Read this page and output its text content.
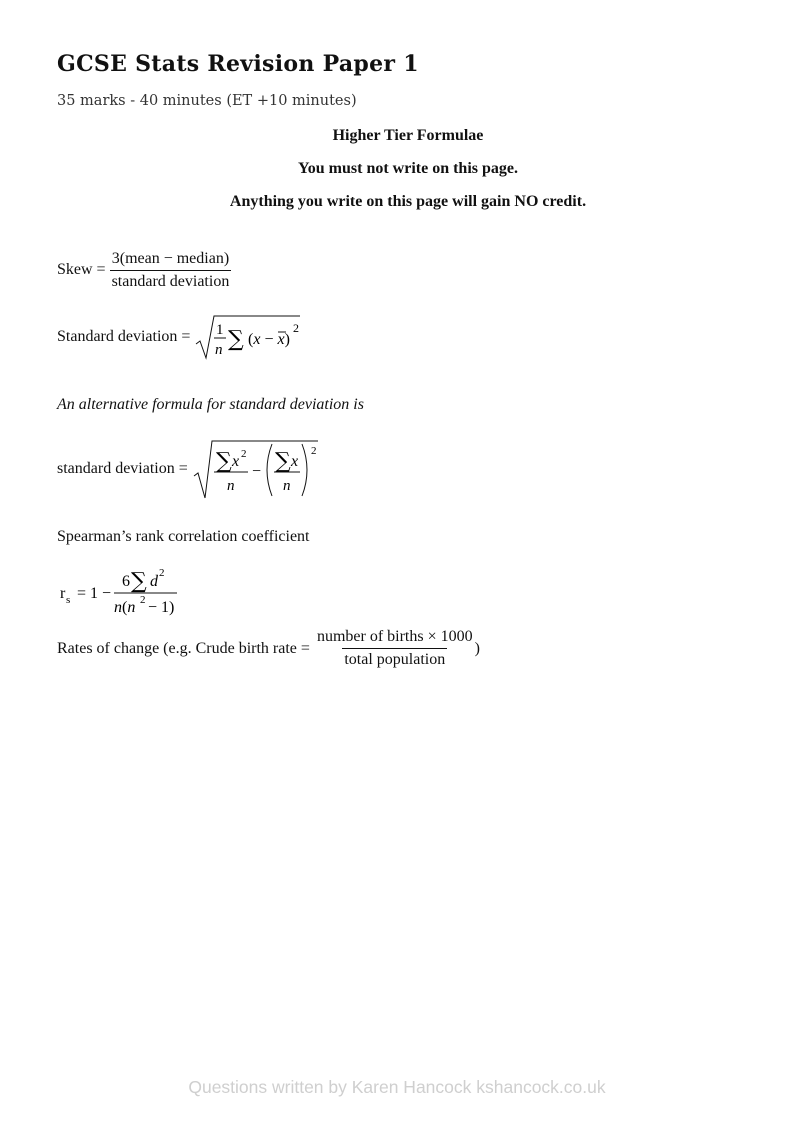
GCSE Stats Revision Paper 1
35 marks - 40 minutes (ET +10 minutes)
Higher Tier Formulae
You must not write on this page.
Anything you write on this page will gain NO credit.
Skew = $\frac{\text{3(mean − median)}}{\text{standard deviation}}$
Standard deviation = 1
n ∑ (x − x)
2
An alternative formula for standard deviation is
standard deviation = ∑ x 2
n
− ∑ x
n
2
Spearman’s rank correlation coefficient
r s = 1 −
6 ∑ d 2
n(n 2 − 1)
Rates of change (e.g. Crude birth rate = $\frac{\text{number of births × 1000}}{\text{total population}}$ )
Questions written by Karen Hancock kshancock.co.uk
